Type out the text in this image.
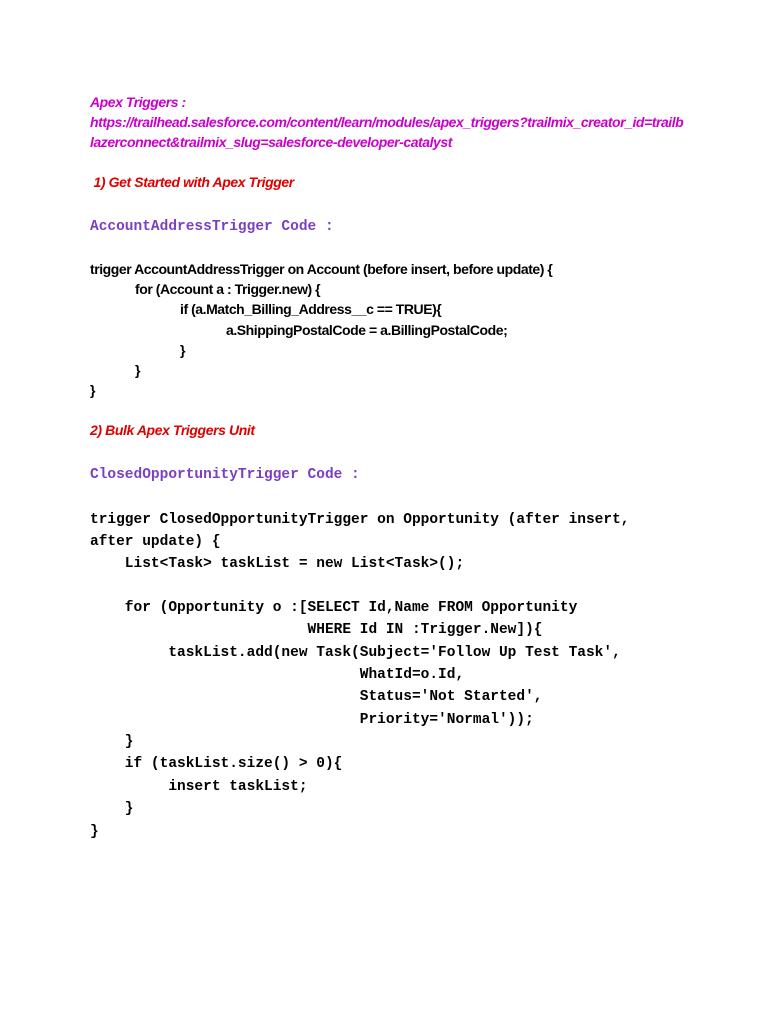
Apex Triggers :
https://trailhead.salesforce.com/content/learn/modules/apex_triggers?trailmix_creator_id=trailb
lazerconnect&trailmix_slug=salesforce-developer-catalyst
1) Get Started with Apex Trigger
AccountAddressTrigger Code :
trigger AccountAddressTrigger on Account (before insert, before update) {
for (Account a : Trigger.new) {
if (a.Match_Billing_Address__c == TRUE){
a.ShippingPostalCode = a.BillingPostalCode;
}
}
}
2) Bulk Apex Triggers Unit
ClosedOpportunityTrigger Code :
trigger ClosedOpportunityTrigger on Opportunity (after insert,
after update) {
List<Task> taskList = new List<Task>();
for (Opportunity o :[SELECT Id,Name FROM Opportunity
WHERE Id IN :Trigger.New]){
taskList.add(new Task(Subject='Follow Up Test Task',
WhatId=o.Id,
Status='Not Started',
Priority='Normal'));
}
if (taskList.size() > 0){
insert taskList;
}
}
